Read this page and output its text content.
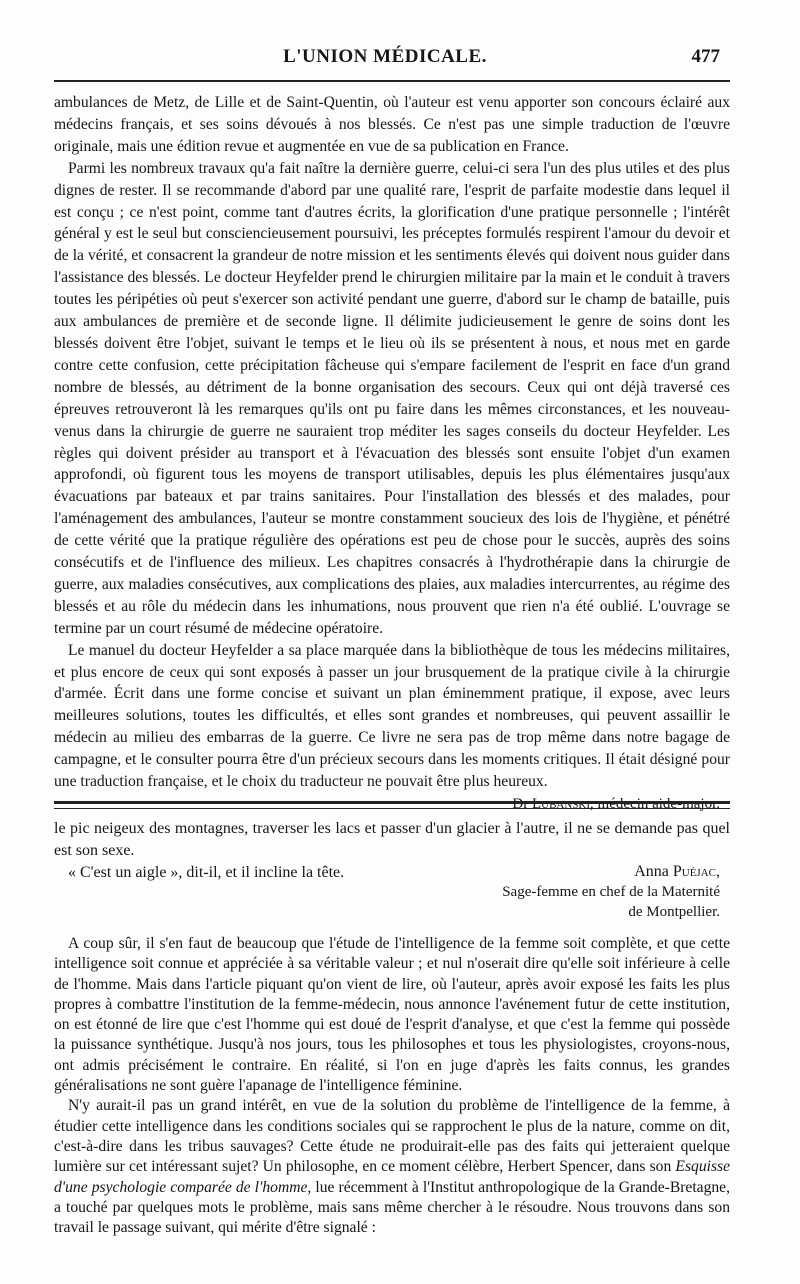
L'UNION MÉDICALE.	477

ambulances de Metz, de Lille et de Saint-Quentin, où l'auteur est venu apporter son concours éclairé aux médecins français, et ses soins dévoués à nos blessés. Ce n'est pas une simple traduction de l'œuvre originale, mais une édition revue et augmentée en vue de sa publication en France.

Parmi les nombreux travaux qu'a fait naître la dernière guerre, celui-ci sera l'un des plus utiles et des plus dignes de rester. Il se recommande d'abord par une qualité rare, l'esprit de parfaite modestie dans lequel il est conçu ; ce n'est point, comme tant d'autres écrits, la glorification d'une pratique personnelle ; l'intérêt général y est le seul but consciencieusement poursuivi, les préceptes formulés respirent l'amour du devoir et de la vérité, et consacrent la grandeur de notre mission et les sentiments élevés qui doivent nous guider dans l'assistance des blessés. Le docteur Heyfelder prend le chirurgien militaire par la main et le conduit à travers toutes les péripéties où peut s'exercer son activité pendant une guerre, d'abord sur le champ de bataille, puis aux ambulances de première et de seconde ligne. Il délimite judicieusement le genre de soins dont les blessés doivent être l'objet, suivant le temps et le lieu où ils se présentent à nous, et nous met en garde contre cette confusion, cette précipitation fâcheuse qui s'empare facilement de l'esprit en face d'un grand nombre de blessés, au détriment de la bonne organisation des secours. Ceux qui ont déjà traversé ces épreuves retrouveront là les remarques qu'ils ont pu faire dans les mêmes circonstances, et les nouveau-venus dans la chirurgie de guerre ne sauraient trop méditer les sages conseils du docteur Heyfelder. Les règles qui doivent présider au transport et à l'évacuation des blessés sont ensuite l'objet d'un examen approfondi, où figurent tous les moyens de transport utilisables, depuis les plus élémentaires jusqu'aux évacuations par bateaux et par trains sanitaires. Pour l'installation des blessés et des malades, pour l'aménagement des ambulances, l'auteur se montre constamment soucieux des lois de l'hygiène, et pénétré de cette vérité que la pratique régulière des opérations est peu de chose pour le succès, auprès des soins consécutifs et de l'influence des milieux. Les chapitres consacrés à l'hydrothérapie dans la chirurgie de guerre, aux maladies consécutives, aux complications des plaies, aux maladies intercurrentes, au régime des blessés et au rôle du médecin dans les inhumations, nous prouvent que rien n'a été oublié. L'ouvrage se termine par un court résumé de médecine opératoire.

Le manuel du docteur Heyfelder a sa place marquée dans la bibliothèque de tous les médecins militaires, et plus encore de ceux qui sont exposés à passer un jour brusquement de la pratique civile à la chirurgie d'armée. Écrit dans une forme concise et suivant un plan éminemment pratique, il expose, avec leurs meilleures solutions, toutes les difficultés, et elles sont grandes et nombreuses, qui peuvent assaillir le médecin au milieu des embarras de la guerre. Ce livre ne sera pas de trop même dans notre bagage de campagne, et le consulter pourra être d'un précieux secours dans les moments critiques. Il était désigné pour une traduction française, et le choix du traducteur ne pouvait être plus heureux.

Dr Lubanski, médecin aide-major.

le pic neigeux des montagnes, traverser les lacs et passer d'un glacier à l'autre, il ne se demande pas quel est son sexe.

« C'est un aigle », dit-il, et il incline la tête.	Anna Puéjac,
Sage-femme en chef de la Maternité
de Montpellier.

A coup sûr, il s'en faut de beaucoup que l'étude de l'intelligence de la femme soit complète, et que cette intelligence soit connue et appréciée à sa véritable valeur ; et nul n'oserait dire qu'elle soit inférieure à celle de l'homme. Mais dans l'article piquant qu'on vient de lire, où l'auteur, après avoir exposé les faits les plus propres à combattre l'institution de la femme-médecin, nous annonce l'avénement futur de cette institution, on est étonné de lire que c'est l'homme qui est doué de l'esprit d'analyse, et que c'est la femme qui possède la puissance synthétique. Jusqu'à nos jours, tous les philosophes et tous les physiologistes, croyons-nous, ont admis précisément le contraire. En réalité, si l'on en juge d'après les faits connus, les grandes généralisations ne sont guère l'apanage de l'intelligence féminine.

N'y aurait-il pas un grand intérêt, en vue de la solution du problème de l'intelligence de la femme, à étudier cette intelligence dans les conditions sociales qui se rapprochent le plus de la nature, comme on dit, c'est-à-dire dans les tribus sauvages? Cette étude ne produirait-elle pas des faits qui jetteraient quelque lumière sur cet intéressant sujet? Un philosophe, en ce moment célèbre, Herbert Spencer, dans son Esquisse d'une psychologie comparée de l'homme, lue récemment à l'Institut anthropologique de la Grande-Bretagne, a touché par quelques mots le problème, mais sans même chercher à le résoudre. Nous trouvons dans son travail le passage suivant, qui mérite d'être signalé :
